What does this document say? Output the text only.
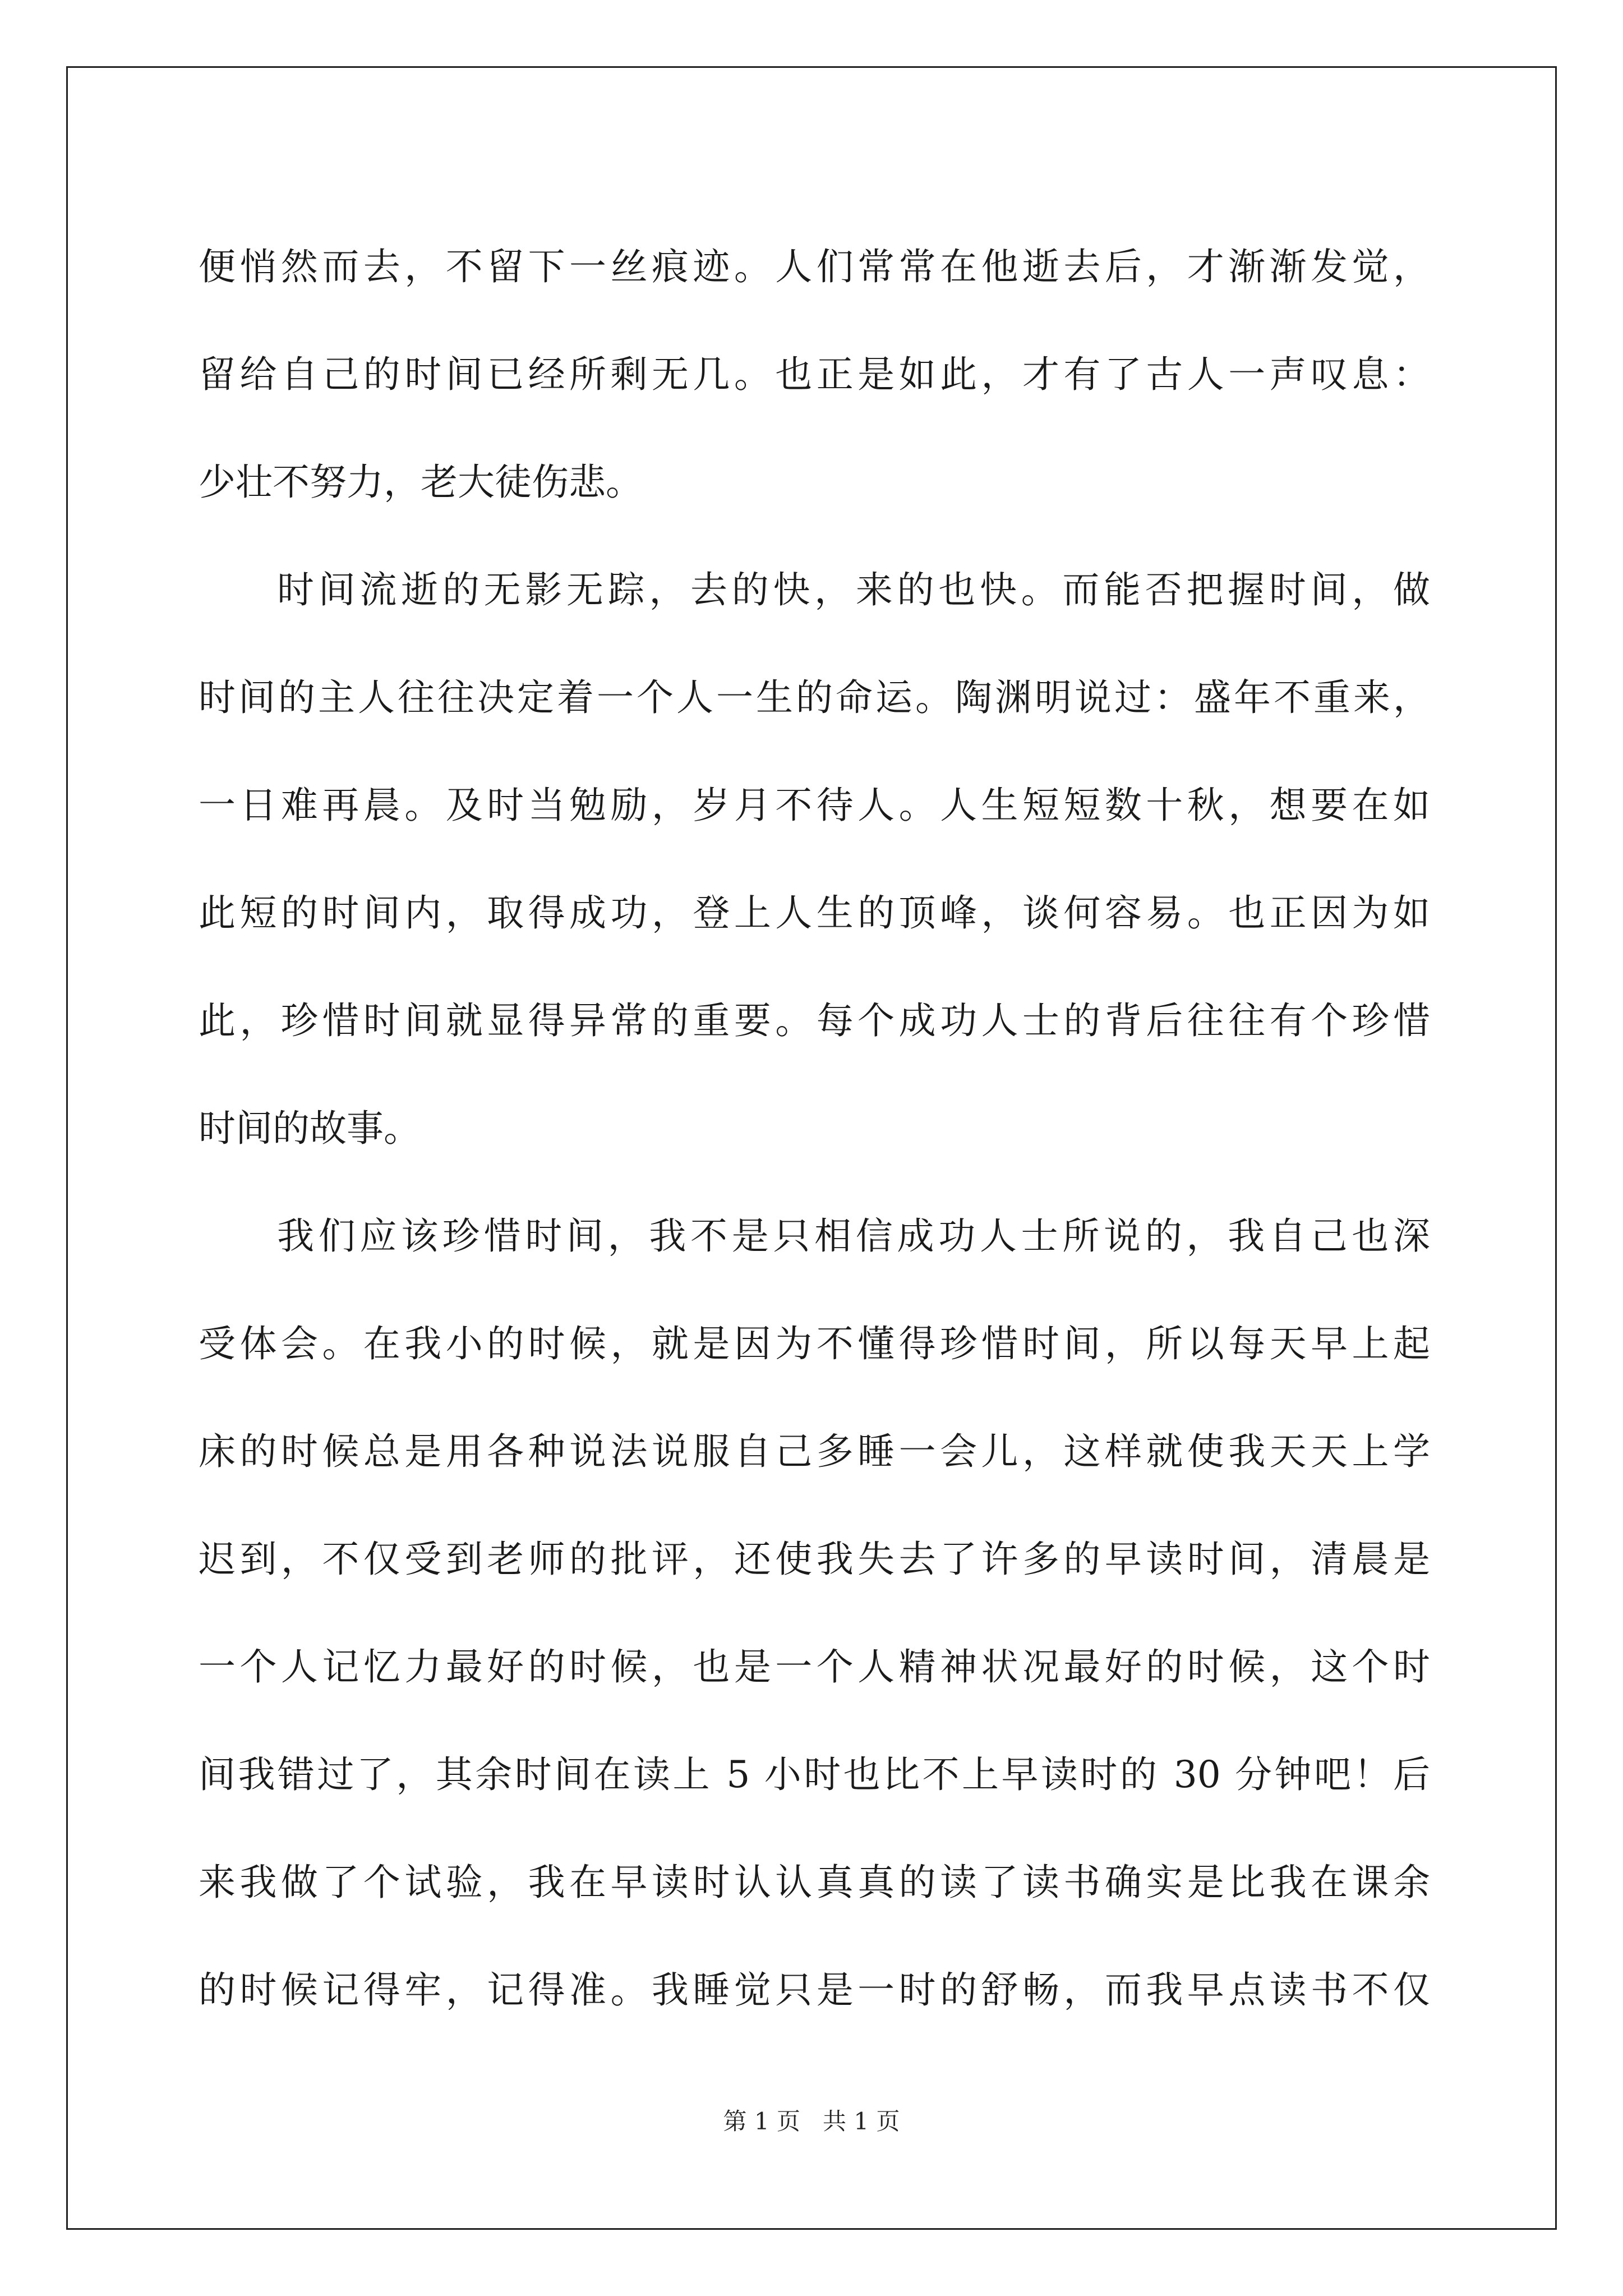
便悄然而去，不留下一丝痕迹。人们常常在他逝去后，才渐渐发觉，
留给自己的时间已经所剩无几。也正是如此，才有了古人一声叹息：
少壮不努力，老大徒伤悲。
时间流逝的无影无踪，去的快，来的也快。而能否把握时间，做
时间的主人往往决定着一个人一生的命运。陶渊明说过：盛年不重来，
一日难再晨。及时当勉励，岁月不待人。人生短短数十秋，想要在如
此短的时间内，取得成功，登上人生的顶峰，谈何容易。也正因为如
此，珍惜时间就显得异常的重要。每个成功人士的背后往往有个珍惜
时间的故事。
我们应该珍惜时间，我不是只相信成功人士所说的，我自己也深
受体会。在我小的时候，就是因为不懂得珍惜时间，所以每天早上起
床的时候总是用各种说法说服自己多睡一会儿，这样就使我天天上学
迟到，不仅受到老师的批评，还使我失去了许多的早读时间，清晨是
一个人记忆力最好的时候，也是一个人精神状况最好的时候，这个时
间我错过了，其余时间在读上 5 小时也比不上早读时的 30 分钟吧！后
来我做了个试验，我在早读时认认真真的读了读书确实是比我在课余
的时候记得牢，记得准。我睡觉只是一时的舒畅，而我早点读书不仅
第 1 页   共 1 页
